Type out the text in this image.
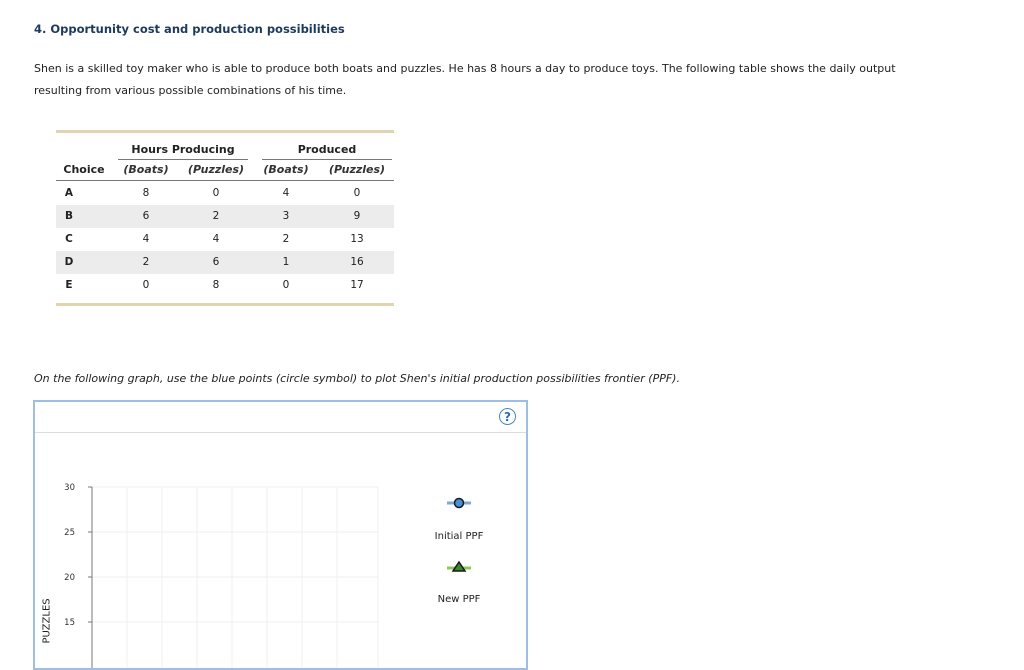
4. Opportunity cost and production possibilities
Shen is a skilled toy maker who is able to produce both boats and puzzles. He has 8 hours a day to produce toys. The following table shows the daily output resulting from various possible combinations of his time.
Hours Producing	Produced
Choice	(Boats)	(Puzzles)	(Boats)	(Puzzles)
A	8	0	4	0
B	6	2	3	9
C	4	4	2	13
D	2	6	1	16
E	0	8	0	17
On the following graph, use the blue points (circle symbol) to plot Shen's initial production possibilities frontier (PPF).
?
PUZZLES
30
25
20
15
Initial PPF
New PPF
